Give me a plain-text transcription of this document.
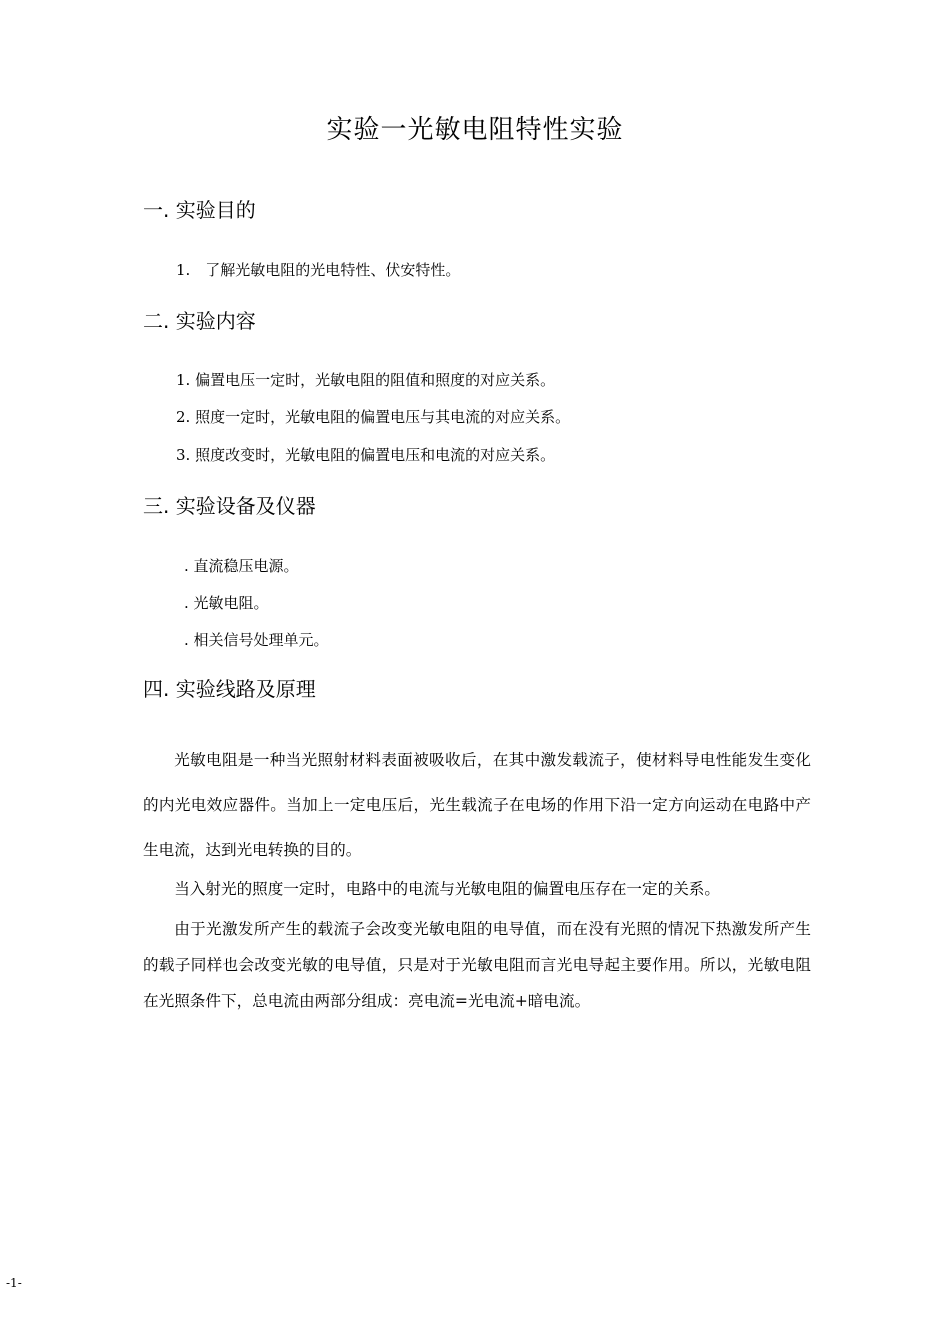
实验一光敏电阻特性实验
一. 实验目的
1.　了解光敏电阻的光电特性、伏安特性。
二. 实验内容
1. 偏置电压一定时，光敏电阻的阻值和照度的对应关系。
2. 照度一定时，光敏电阻的偏置电压与其电流的对应关系。
3. 照度改变时，光敏电阻的偏置电压和电流的对应关系。
三. 实验设备及仪器
. 直流稳压电源。
. 光敏电阻。
. 相关信号处理单元。
四. 实验线路及原理

光敏电阻是一种当光照射材料表面被吸收后，在其中激发载流子，使材料导电性能发生变化的内光电效应器件。当加上一定电压后，光生载流子在电场的作用下沿一定方向运动在电路中产生电流，达到光电转换的目的。

当入射光的照度一定时，电路中的电流与光敏电阻的偏置电压存在一定的关系。

由于光激发所产生的载流子会改变光敏电阻的电导值，而在没有光照的情况下热激发所产生的载子同样也会改变光敏的电导值，只是对于光敏电阻而言光电导起主要作用。所以，光敏电阻在光照条件下，总电流由两部分组成：亮电流=光电流+暗电流。

-1-
